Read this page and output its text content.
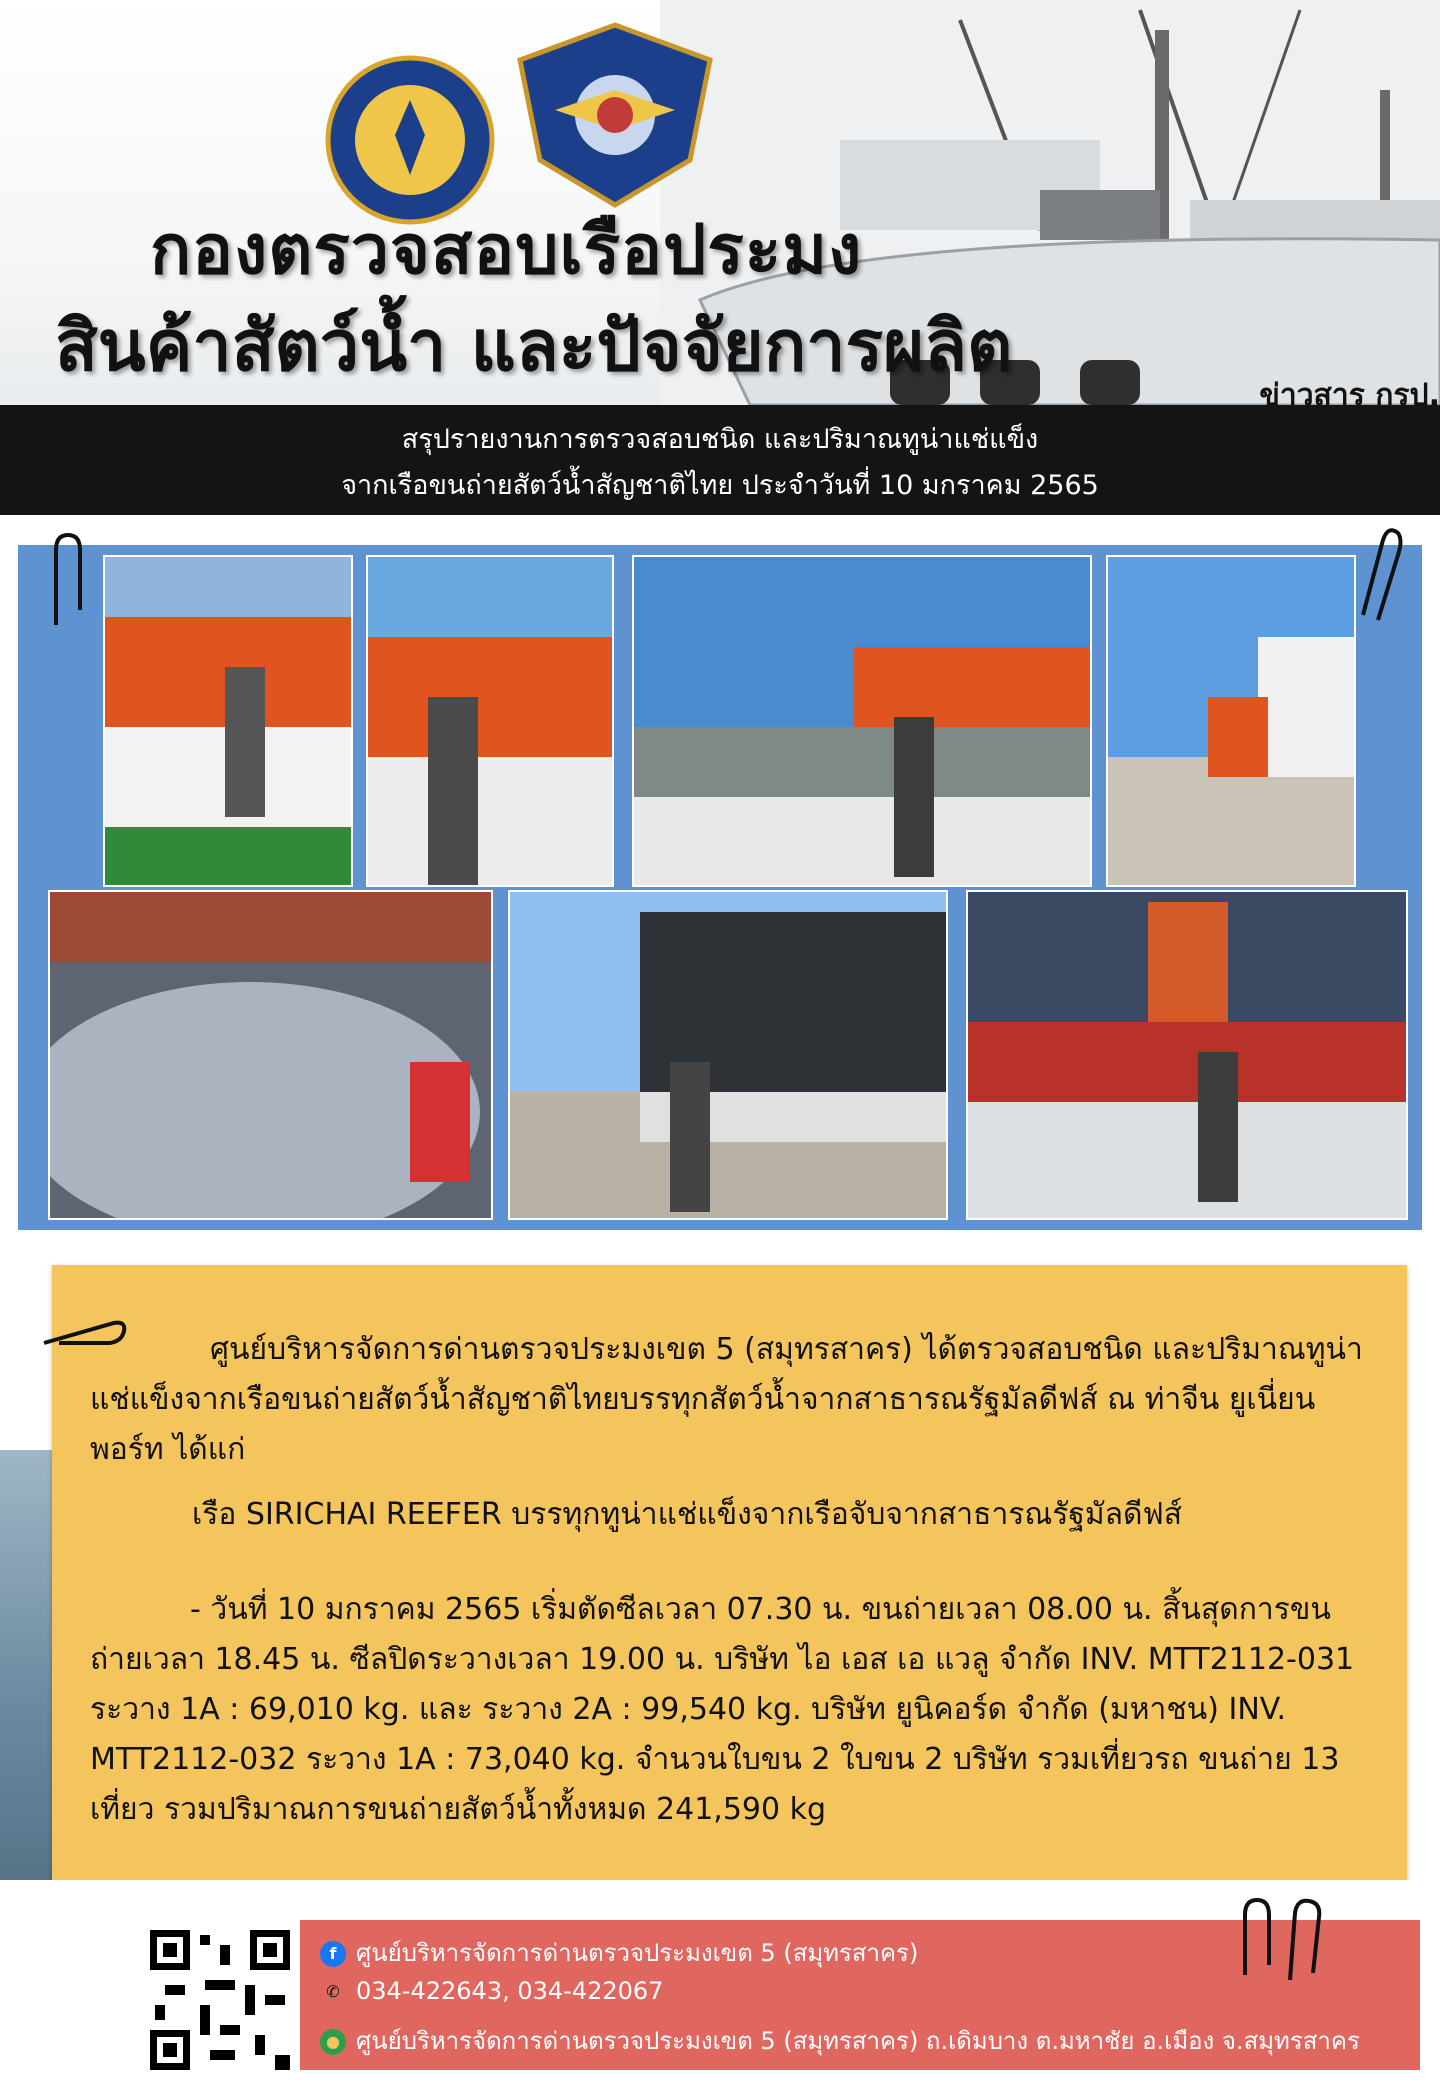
กองตรวจสอบเรือประมง
สินค้าสัตว์น้ำ และปัจจัยการผลิต
ข่าวสาร กรป.
สรุปรายงานการตรวจสอบชนิด และปริมาณทูน่าแช่แข็ง
จากเรือขนถ่ายสัตว์น้ำสัญชาติไทย ประจำวันที่ 10 มกราคม 2565
ศูนย์บริหารจัดการด่านตรวจประมงเขต 5 (สมุทรสาคร) ได้ตรวจสอบชนิด และปริมาณทูน่าแช่แข็งจากเรือขนถ่ายสัตว์น้ำสัญชาติไทยบรรทุกสัตว์น้ำจากสาธารณรัฐมัลดีฟส์ ณ ท่าจีน ยูเนี่ยน พอร์ท ได้แก่
เรือ SIRICHAI REEFER บรรทุกทูน่าแช่แข็งจากเรือจับจากสาธารณรัฐมัลดีฟส์
- วันที่ 10 มกราคม 2565 เริ่มตัดซีลเวลา 07.30 น. ขนถ่ายเวลา 08.00 น. สิ้นสุดการขนถ่ายเวลา 18.45 น. ซีลปิดระวางเวลา 19.00 น. บริษัท ไอ เอส เอ แวลู จำกัด INV. MTT2112-031 ระวาง 1A : 69,010 kg. และ ระวาง 2A : 99,540 kg. บริษัท ยูนิคอร์ด จำกัด (มหาชน) INV. MTT2112-032 ระวาง 1A : 73,040 kg. จำนวนใบขน 2 ใบขน 2 บริษัท รวมเที่ยวรถ ขนถ่าย 13 เที่ยว รวมปริมาณการขนถ่ายสัตว์น้ำทั้งหมด 241,590 kg
f ศูนย์บริหารจัดการด่านตรวจประมงเขต 5 (สมุทรสาคร)
✆ 034-422643, 034-422067
● ศูนย์บริหารจัดการด่านตรวจประมงเขต 5 (สมุทรสาคร) ถ.เดิมบาง ต.มหาชัย อ.เมือง จ.สมุทรสาคร
